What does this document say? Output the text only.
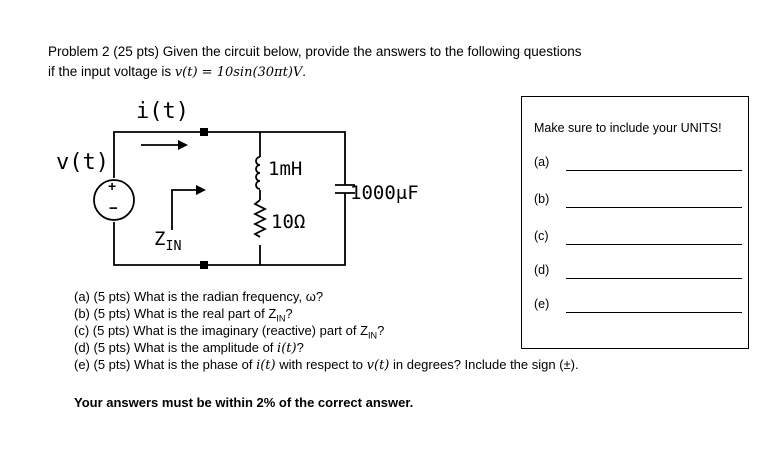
Problem 2 (25 pts) Given the circuit below, provide the answers to the following questions
if the input voltage is v(t) = 10sin(30πt)V.
i(t)
v(t)
+
−
$Z_{IN}$
1mH
10Ω
1000μF
Make sure to include your UNITS!
(a)
(b)
(c)
(d)
(e)
(a) (5 pts) What is the radian frequency, ω?
(b) (5 pts) What is the real part of $Z_{IN}$?
(c) (5 pts) What is the imaginary (reactive) part of $Z_{IN}$?
(d) (5 pts) What is the amplitude of i(t)?
(e) (5 pts) What is the phase of i(t) with respect to v(t) in degrees? Include the sign (±).
Your answers must be within 2% of the correct answer.
